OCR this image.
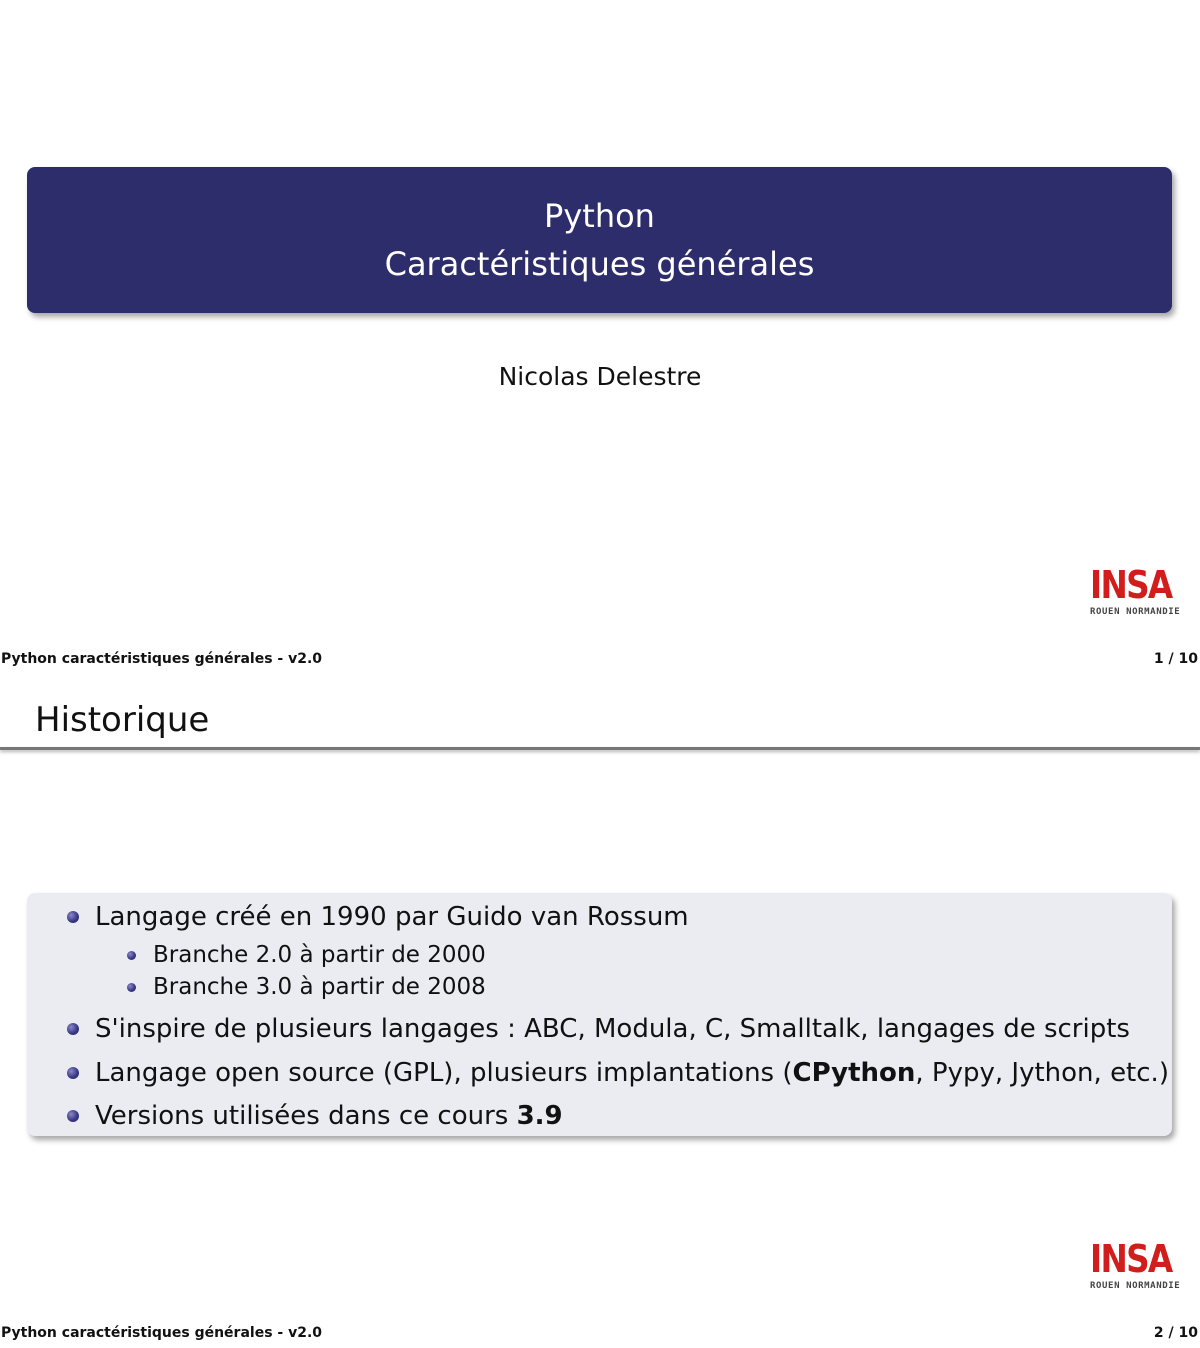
Python
Caractéristiques générales
Nicolas Delestre
INSA
ROUEN NORMANDIE
Python caractéristiques générales - v2.0	1 / 10
Historique
Langage créé en 1990 par Guido van Rossum
Branche 2.0 à partir de 2000
Branche 3.0 à partir de 2008
S'inspire de plusieurs langages : ABC, Modula, C, Smalltalk, langages de scripts
Langage open source (GPL), plusieurs implantations (CPython, Pypy, Jython, etc.)
Versions utilisées dans ce cours 3.9
INSA
ROUEN NORMANDIE
Python caractéristiques générales - v2.0	2 / 10
